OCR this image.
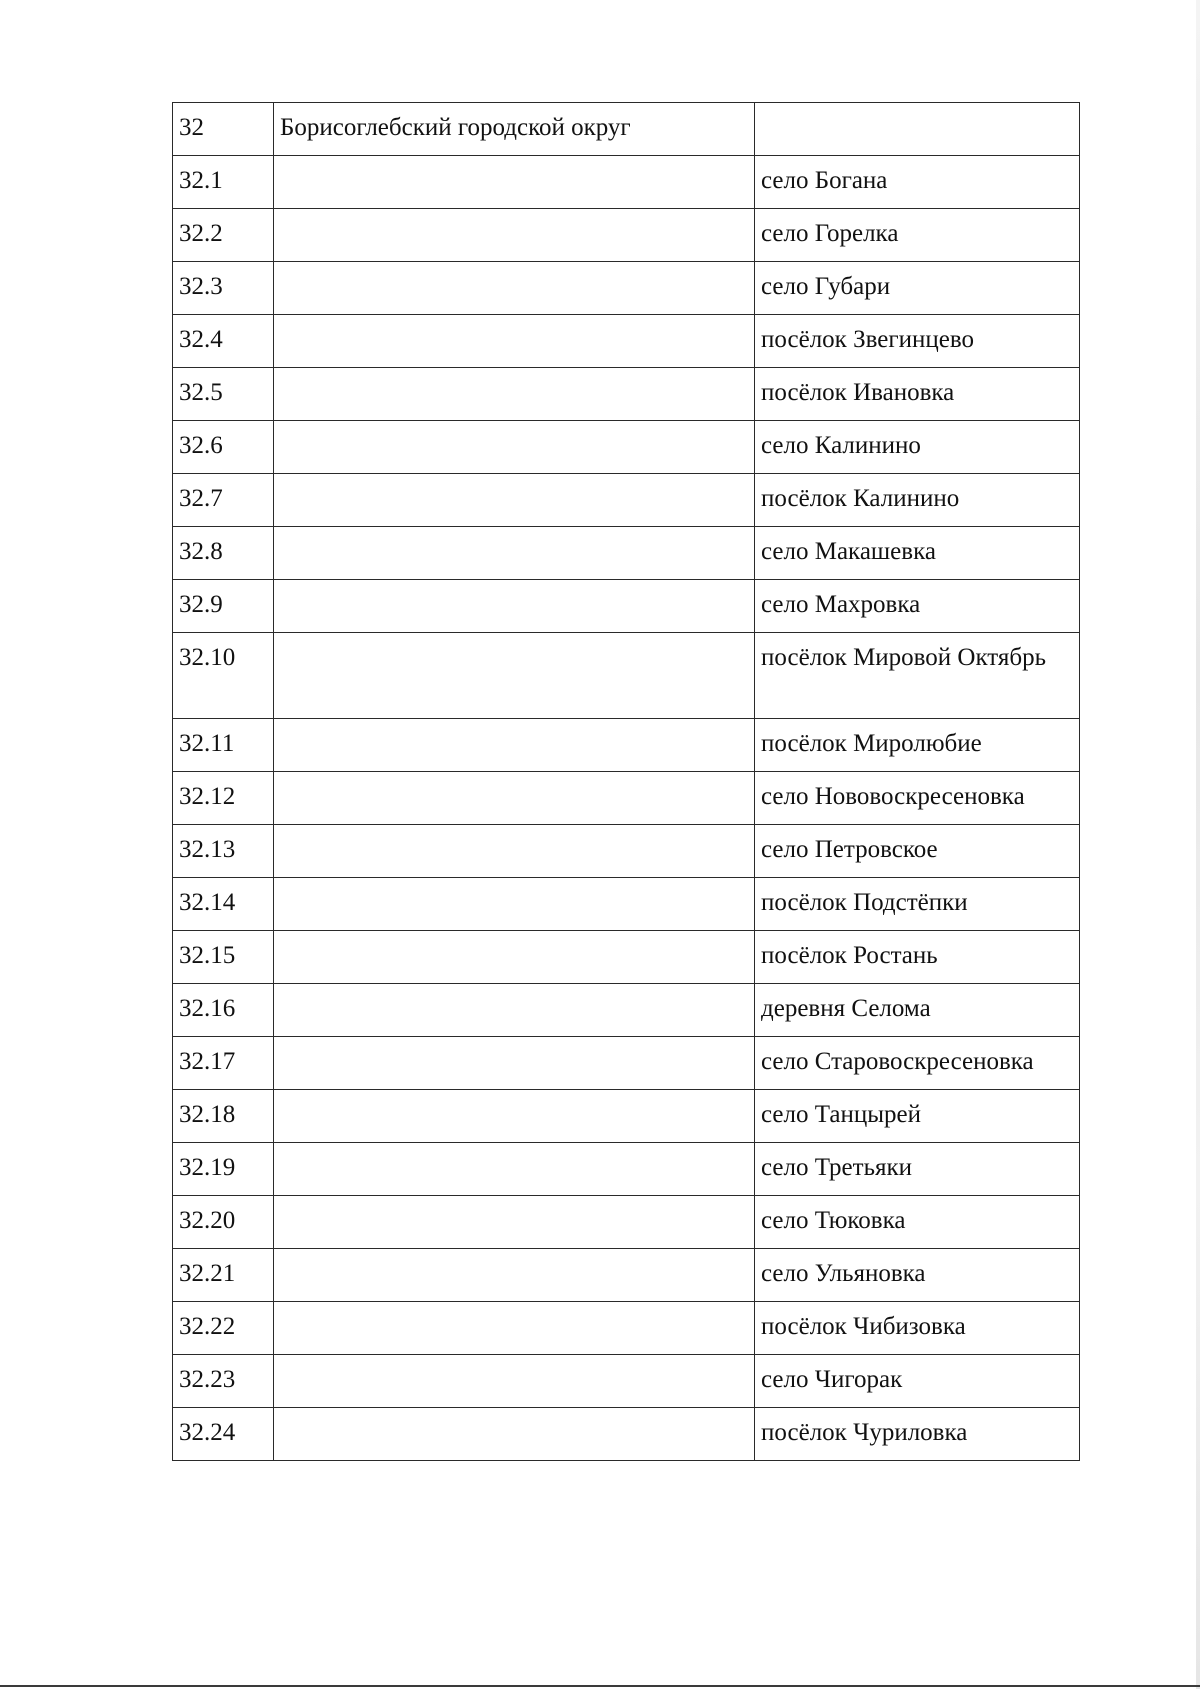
32	Борисоглебский городской округ	
32.1		село Богана
32.2		село Горелка
32.3		село Губари
32.4		посёлок Звегинцево
32.5		посёлок Ивановка
32.6		село Калинино
32.7		посёлок Калинино
32.8		село Макашевка
32.9		село Махровка
32.10		посёлок Мировой Октябрь
32.11		посёлок Миролюбие
32.12		село Нововоскресеновка
32.13		село Петровское
32.14		посёлок Подстёпки
32.15		посёлок Ростань
32.16		деревня Селома
32.17		село Старовоскресеновка
32.18		село Танцырей
32.19		село Третьяки
32.20		село Тюковка
32.21		село Ульяновка
32.22		посёлок Чибизовка
32.23		село Чигорак
32.24		посёлок Чуриловка
